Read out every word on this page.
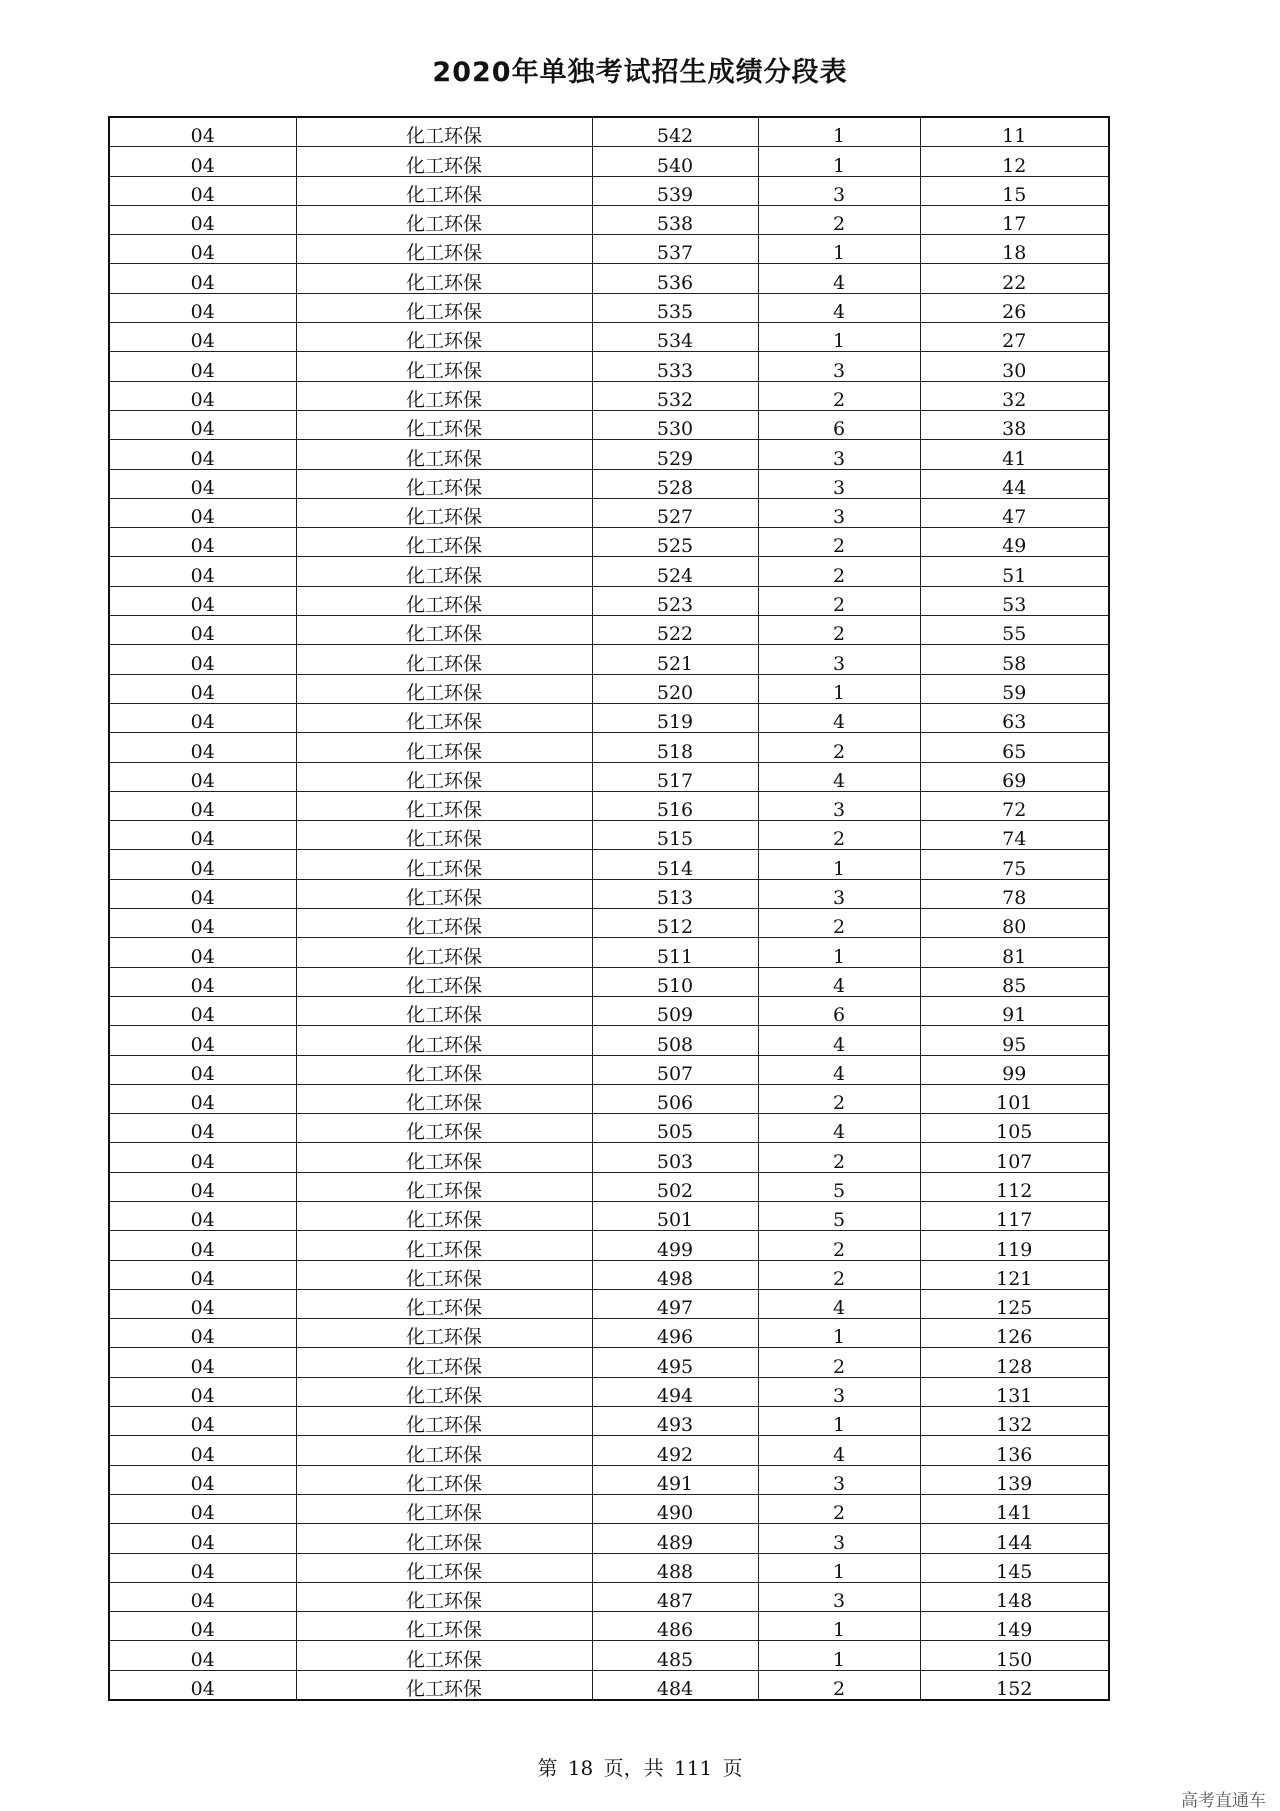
2020年单独考试招生成绩分段表
04	化工环保	542	1	11
04	化工环保	540	1	12
04	化工环保	539	3	15
04	化工环保	538	2	17
04	化工环保	537	1	18
04	化工环保	536	4	22
04	化工环保	535	4	26
04	化工环保	534	1	27
04	化工环保	533	3	30
04	化工环保	532	2	32
04	化工环保	530	6	38
04	化工环保	529	3	41
04	化工环保	528	3	44
04	化工环保	527	3	47
04	化工环保	525	2	49
04	化工环保	524	2	51
04	化工环保	523	2	53
04	化工环保	522	2	55
04	化工环保	521	3	58
04	化工环保	520	1	59
04	化工环保	519	4	63
04	化工环保	518	2	65
04	化工环保	517	4	69
04	化工环保	516	3	72
04	化工环保	515	2	74
04	化工环保	514	1	75
04	化工环保	513	3	78
04	化工环保	512	2	80
04	化工环保	511	1	81
04	化工环保	510	4	85
04	化工环保	509	6	91
04	化工环保	508	4	95
04	化工环保	507	4	99
04	化工环保	506	2	101
04	化工环保	505	4	105
04	化工环保	503	2	107
04	化工环保	502	5	112
04	化工环保	501	5	117
04	化工环保	499	2	119
04	化工环保	498	2	121
04	化工环保	497	4	125
04	化工环保	496	1	126
04	化工环保	495	2	128
04	化工环保	494	3	131
04	化工环保	493	1	132
04	化工环保	492	4	136
04	化工环保	491	3	139
04	化工环保	490	2	141
04	化工环保	489	3	144
04	化工环保	488	1	145
04	化工环保	487	3	148
04	化工环保	486	1	149
04	化工环保	485	1	150
04	化工环保	484	2	152
第 18 页，共 111 页
高考直通车
